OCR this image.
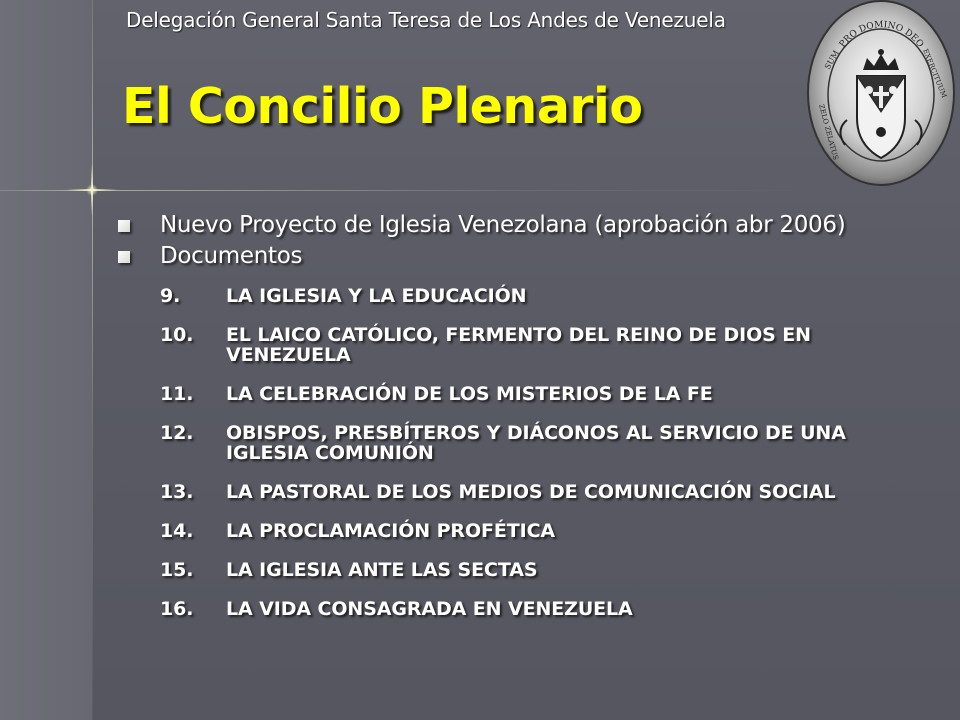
Delegación General Santa Teresa de Los Andes de Venezuela
El Concilio Plenario
PRO DOMINO DEO
SUM	EXERCITUUM
ZELO ZELATUS
Nuevo Proyecto de Iglesia Venezolana (aprobación abr 2006)
Documentos
9. LA IGLESIA Y LA EDUCACIÓN
10. EL LAICO CATÓLICO, FERMENTO DEL REINO DE DIOS EN VENEZUELA
11. LA CELEBRACIÓN DE LOS MISTERIOS DE LA FE
12. OBISPOS, PRESBÍTEROS Y DIÁCONOS AL SERVICIO DE UNA IGLESIA COMUNIÓN
13. LA PASTORAL DE LOS MEDIOS DE COMUNICACIÓN SOCIAL
14. LA PROCLAMACIÓN PROFÉTICA
15. LA IGLESIA ANTE LAS SECTAS
16. LA VIDA CONSAGRADA EN VENEZUELA
